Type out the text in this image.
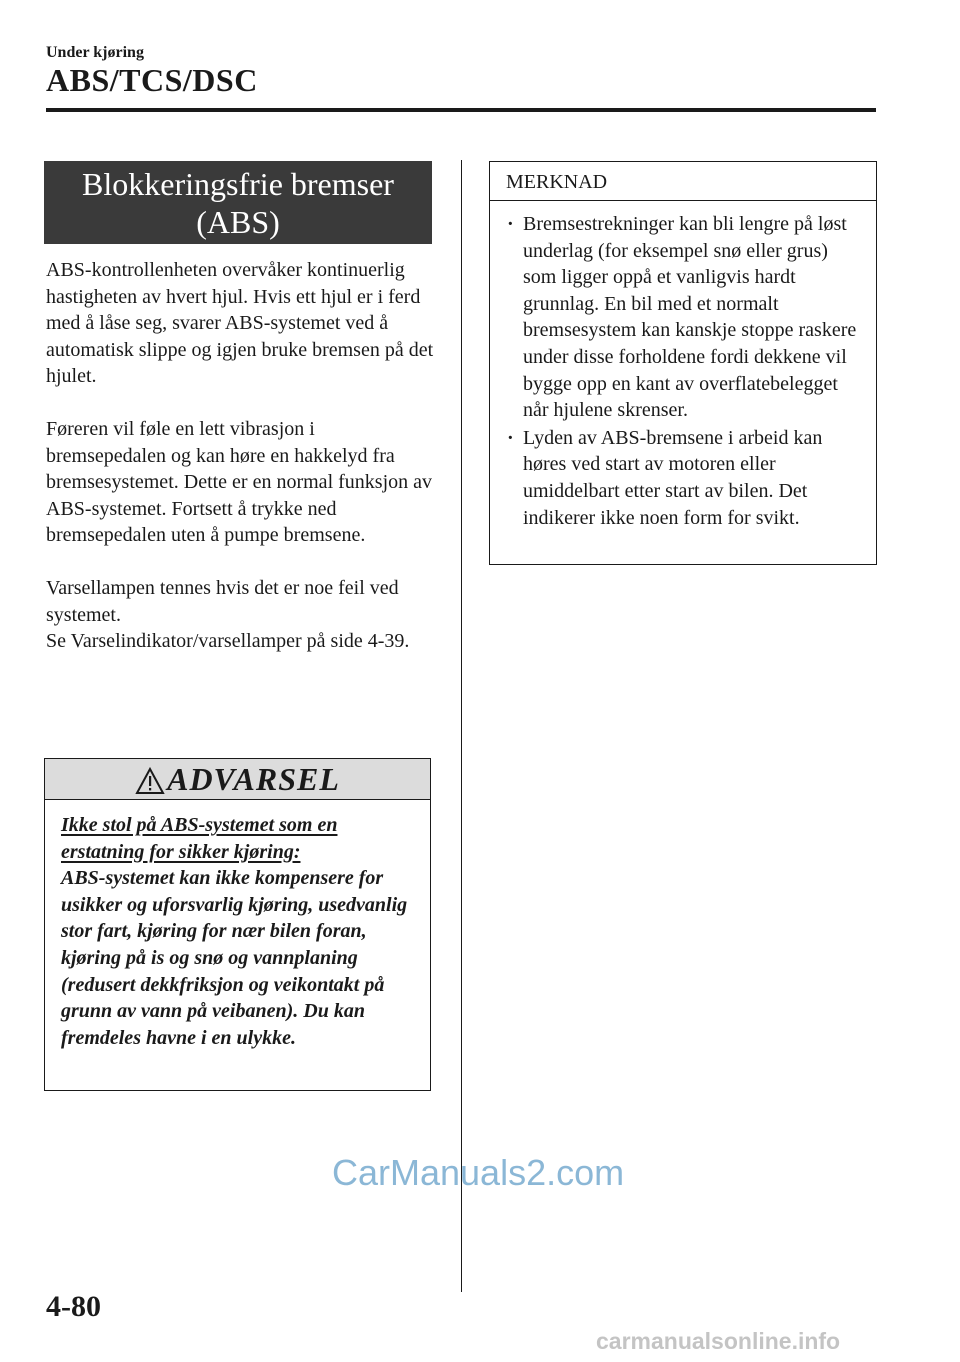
Under kjøring
ABS/TCS/DSC
Blokkeringsfrie bremser
(ABS)

ABS-kontrollenheten overvåker kontinuerlig hastigheten av hvert hjul. Hvis ett hjul er i ferd med å låse seg, svarer ABS-systemet ved å automatisk slippe og igjen bruke bremsen på det hjulet.

Føreren vil føle en lett vibrasjon i bremsepedalen og kan høre en hakkelyd fra bremsesystemet. Dette er en normal funksjon av ABS-systemet. Fortsett å trykke ned bremsepedalen uten å pumpe bremsene.

Varsellampen tennes hvis det er noe feil ved systemet.
Se Varselindikator/varsellamper på side 4-39.
ADVARSEL
Ikke stol på ABS-systemet som en erstatning for sikker kjøring:
ABS-systemet kan ikke kompensere for usikker og uforsvarlig kjøring, usedvanlig stor fart, kjøring for nær bilen foran, kjøring på is og snø og vannplaning (redusert dekkfriksjon og veikontakt på grunn av vann på veibanen). Du kan fremdeles havne i en ulykke.
MERKNAD
· Bremsestrekninger kan bli lengre på løst underlag (for eksempel snø eller grus) som ligger oppå et vanligvis hardt grunnlag. En bil med et normalt bremsesystem kan kanskje stoppe raskere under disse forholdene fordi dekkene vil bygge opp en kant av overflatebelegget når hjulene skrenser.
· Lyden av ABS-bremsene i arbeid kan høres ved start av motoren eller umiddelbart etter start av bilen. Det indikerer ikke noen form for svikt.
CarManuals2.com
4-80
carmanualsonline.info
